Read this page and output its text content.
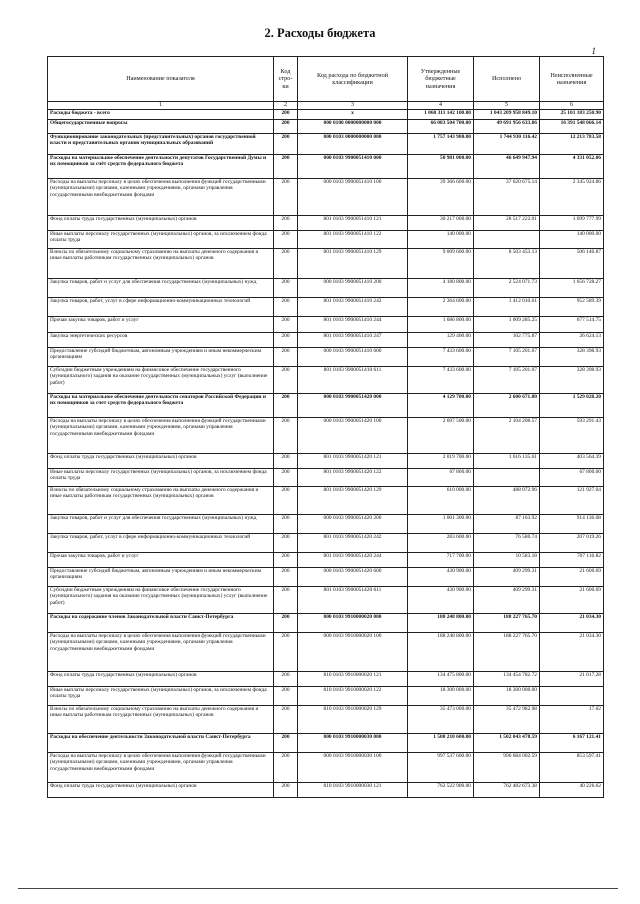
2. Расходы бюджета
1
Наименование показателя	Код стро-ки	Код расхода по бюджетной классификации	Утвержденные бюджетные назначения	Исполнено	Неисполненные назначения
1	2	3	4	5	6
Расходы бюджета - всего	200	х	1 068 311 142 100.00	1 043 209 958 849.10	25 101 183 250.90
Общегосударственные вопросы	200	000 0100 0000000000 000	66 083 504 700.00	49 691 956 633.86	16 391 548 066.14
Функционирование законодательных (представительных) органов государственной власти и представительных органов муниципальных образований	200	000 0103 0000000000 000	1 757 143 900.00	1 744 930 116.42	12 213 783.58
Расходы на материальное обеспечение деятельности депутатов Государственной Думы и их помощников за счёт средств федерального бюджета	200	000 0103 9900051410 000	50 981 000.00	46 649 947.94	4 331 052.06
Расходы на выплаты персоналу в целях обеспечения выполнения функций государственными (муниципальными) органами, казенными учреждениями, органами управления государственными внебюджетными фондами	200	000 0103 9900051410 100	39 366 600.00	37 020 675.14	2 345 924.86
Фонд оплаты труда государственных (муниципальных) органов	200	801 0103 9900051410 121	30 217 000.00	28 517 222.01	1 699 777.99
Иные выплаты персоналу государственных (муниципальных) органов, за исключением фонда оплаты труда	200	801 0103 9900051410 122	140 000.00		140 000.00
Взносы по обязательному социальному страхованию на выплаты денежного содержания и иные выплаты работникам государственных (муниципальных) органов	200	801 0103 9900051410 129	9 009 600.00	8 503 453.13	506 146.87
Закупка товаров, работ и услуг для обеспечения государственных (муниципальных) нужд	200	000 0103 9900051410 200	4 180 800.00	2 524 071.73	1 656 728.27
Закупка товаров, работ, услуг в сфере информационно-коммуникационных технологий	200	801 0103 9900051410 242	2 364 600.00	1 412 010.61	952 589.39
Прочая закупка товаров, работ и услуг	200	801 0103 9900051410 244	1 686 800.00	1 009 285.25	677 514.75
Закупка энергетических ресурсов	200	801 0103 9900051410 247	129 400.00	102 775.87	26 624.13
Предоставление субсидий бюджетным, автономным учреждениям и иным некоммерческим организациям	200	000 0103 9900051410 600	7 433 600.00	7 105 201.07	328 398.93
Субсидии бюджетным учреждениям на финансовое обеспечение государственного (муниципального) задания на оказание государственных (муниципальных) услуг (выполнение работ)	200	801 0103 9900051410 611	7 433 600.00	7 105 201.07	328 398.93
Расходы на материальное обеспечение деятельности сенаторов Российской Федерации и их помощников за счет средств федерального бюджета	200	000 0103 9900051420 000	4 129 700.00	2 600 671.80	1 529 028.20
Расходы на выплаты персоналу в целях обеспечения выполнения функций государственными (муниципальными) органами, казенными учреждениями, органами управления государственными внебюджетными фондами	200	000 0103 9900051420 100	2 697 500.00	2 104 208.57	593 291.43
Фонд оплаты труда государственных (муниципальных) органов	200	801 0103 9900051420 121	2 019 700.00	1 616 135.61	403 564.39
Иные выплаты персоналу государственных (муниципальных) органов, за исключением фонда оплаты труда	200	801 0103 9900051420 122	67 800.00		67 800.00
Взносы по обязательному социальному страхованию на выплаты денежного содержания и иные выплаты работникам государственных (муниципальных) органов	200	801 0103 9900051420 129	610 000.00	488 072.96	121 927.04
Закупка товаров, работ и услуг для обеспечения государственных (муниципальных) нужд	200	000 0103 9900051420 200	1 001 300.00	87 163.92	914 136.08
Закупка товаров, работ, услуг в сфере информационно-коммуникационных технологий	200	801 0103 9900051420 242	283 600.00	76 580.74	207 019.26
Прочая закупка товаров, работ и услуг	200	801 0103 9900051420 244	717 700.00	10 583.18	707 116.82
Предоставление субсидий бюджетным, автономным учреждениям и иным некоммерческим организациям	200	000 0103 9900051420 600	430 900.00	409 299.31	21 600.69
Субсидии бюджетным учреждениям на финансовое обеспечение государственного (муниципального) задания на оказание государственных (муниципальных) услуг (выполнение работ)	200	801 0103 9900051420 611	430 900.00	409 299.31	21 600.69
Расходы на содержание членов Законодательной власти Санкт-Петербурга	200	000 0103 9910000020 000	188 248 800.00	188 227 765.70	21 034.30
Расходы на выплаты персоналу в целях обеспечения выполнения функций государственными (муниципальными) органами, казенными учреждениями, органами управления государственными внебюджетными фондами	200	000 0103 9910000020 100	188 248 800.00	188 227 765.70	21 034.30
Фонд оплаты труда государственных (муниципальных) органов	200	810 0103 9910000020 121	134 475 800.00	134 454 782.72	21 017.28
Иные выплаты персоналу государственных (муниципальных) органов, за исключением фонда оплаты труда	200	810 0103 9910000020 122	18 300 000.00	18 300 000.00	
Взносы по обязательному социальному страхованию на выплаты денежного содержания и иные выплаты работникам государственных (муниципальных) органов	200	810 0103 9910000020 129	35 473 000.00	35 472 982.98	17.02
Расходы на обеспечение деятельности Законодательной власти Санкт-Петербурга	200	000 0103 9910000030 000	1 508 210 600.00	1 502 043 478.59	6 167 121.41
Расходы на выплаты персоналу в целях обеспечения выполнения функций государственными (муниципальными) органами, казенными учреждениями, органами управления государственными внебюджетными фондами	200	000 0103 9910000030 100	997 537 600.00	996 684 002.59	853 597.41
Фонд оплаты труда государственных (муниципальных) органов	200	810 0103 9910000030 121	762 522 900.00	762 482 673.38	40 226.62
